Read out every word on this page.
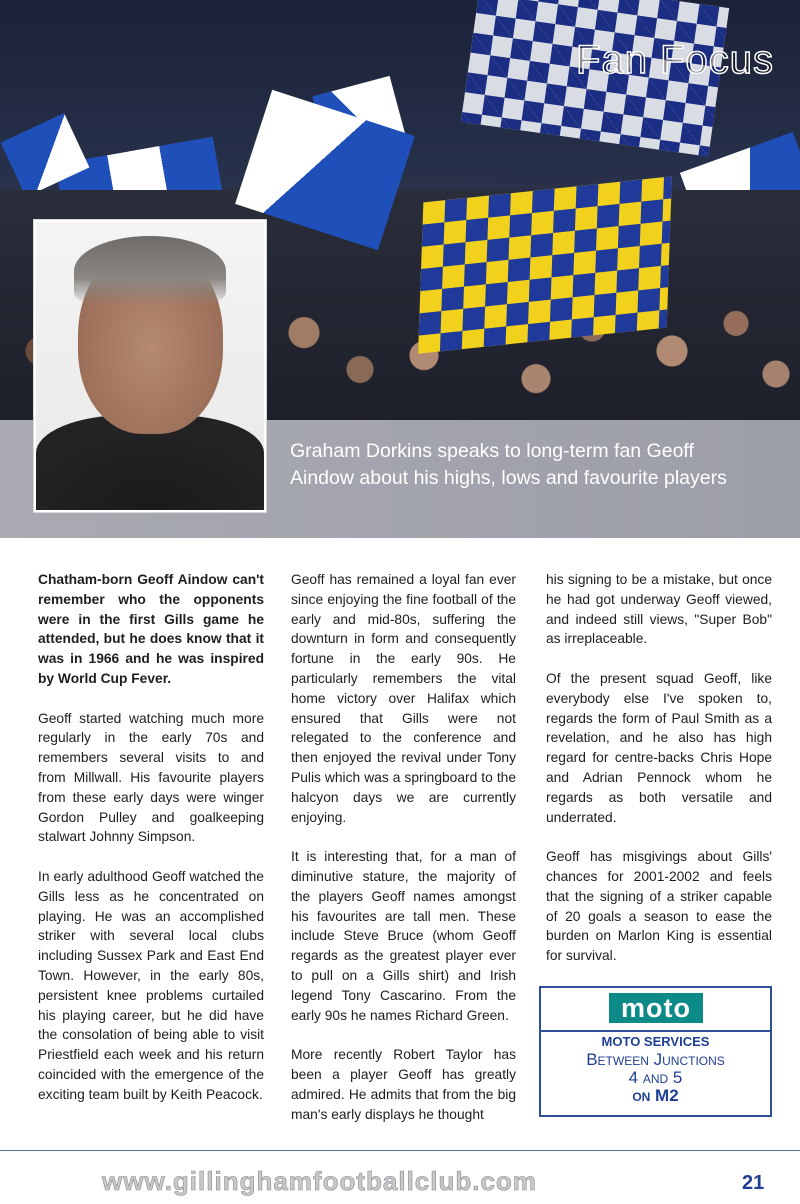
Fan Focus
Graham Dorkins speaks to long-term fan Geoff Aindow about his highs, lows and favourite players

Chatham-born Geoff Aindow can't remember who the opponents were in the first Gills game he attended, but he does know that it was in 1966 and he was inspired by World Cup Fever.

Geoff started watching much more regularly in the early 70s and remembers several visits to and from Millwall. His favourite players from these early days were winger Gordon Pulley and goalkeeping stalwart Johnny Simpson.

In early adulthood Geoff watched the Gills less as he concentrated on playing. He was an accomplished striker with several local clubs including Sussex Park and East End Town. However, in the early 80s, persistent knee problems curtailed his playing career, but he did have the consolation of being able to visit Priestfield each week and his return coincided with the emergence of the exciting team built by Keith Peacock.

Geoff has remained a loyal fan ever since enjoying the fine football of the early and mid-80s, suffering the downturn in form and consequently fortune in the early 90s. He particularly remembers the vital home victory over Halifax which ensured that Gills were not relegated to the conference and then enjoyed the revival under Tony Pulis which was a springboard to the halcyon days we are currently enjoying.

It is interesting that, for a man of diminutive stature, the majority of the players Geoff names amongst his favourites are tall men. These include Steve Bruce (whom Geoff regards as the greatest player ever to pull on a Gills shirt) and Irish legend Tony Cascarino. From the early 90s he names Richard Green.

More recently Robert Taylor has been a player Geoff has greatly admired. He admits that from the big man's early displays he thought

his signing to be a mistake, but once he had got underway Geoff viewed, and indeed still views, "Super Bob" as irreplaceable.

Of the present squad Geoff, like everybody else I've spoken to, regards the form of Paul Smith as a revelation, and he also has high regard for centre-backs Chris Hope and Adrian Pennock whom he regards as both versatile and underrated.

Geoff has misgivings about Gills' chances for 2001-2002 and feels that the signing of a striker capable of 20 goals a season to ease the burden on Marlon King is essential for survival.

moto
MOTO SERVICES
Between Junctions
4 and 5
on M2
www.gillinghamfootballclub.com	21
